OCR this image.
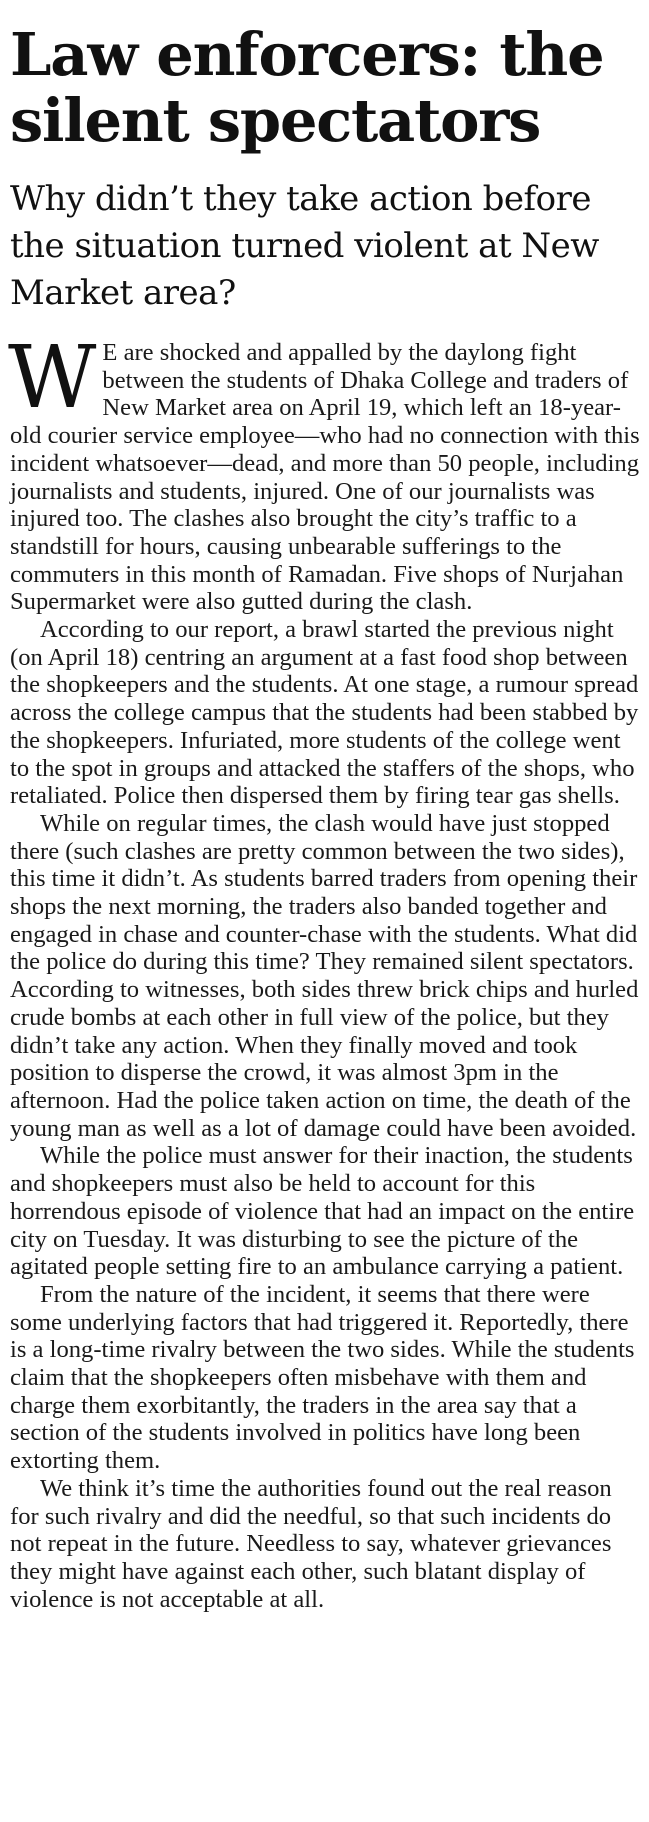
Law enforcers: the silent spectators
Why didn’t they take action before the situation turned violent at New Market area?

W E are shocked and appalled by the daylong fight between the students of Dhaka College and traders of New Market area on April 19, which left an 18-year-old courier service employee—who had no connection with this incident whatsoever—dead, and more than 50 people, including journalists and students, injured. One of our journalists was injured too. The clashes also brought the city’s traffic to a standstill for hours, causing unbearable sufferings to the commuters in this month of Ramadan. Five shops of Nurjahan Supermarket were also gutted during the clash.

According to our report, a brawl started the previous night (on April 18) centring an argument at a fast food shop between the shopkeepers and the students. At one stage, a rumour spread across the college campus that the students had been stabbed by the shopkeepers. Infuriated, more students of the college went to the spot in groups and attacked the staffers of the shops, who retaliated. Police then dispersed them by firing tear gas shells.

While on regular times, the clash would have just stopped there (such clashes are pretty common between the two sides), this time it didn’t. As students barred traders from opening their shops the next morning, the traders also banded together and engaged in chase and counter-chase with the students. What did the police do during this time? They remained silent spectators. According to witnesses, both sides threw brick chips and hurled crude bombs at each other in full view of the police, but they didn’t take any action. When they finally moved and took position to disperse the crowd, it was almost 3pm in the afternoon. Had the police taken action on time, the death of the young man as well as a lot of damage could have been avoided.

While the police must answer for their inaction, the students and shopkeepers must also be held to account for this horrendous episode of violence that had an impact on the entire city on Tuesday. It was disturbing to see the picture of the agitated people setting fire to an ambulance carrying a patient.

From the nature of the incident, it seems that there were some underlying factors that had triggered it. Reportedly, there is a long-time rivalry between the two sides. While the students claim that the shopkeepers often misbehave with them and charge them exorbitantly, the traders in the area say that a section of the students involved in politics have long been extorting them.

We think it’s time the authorities found out the real reason for such rivalry and did the needful, so that such incidents do not repeat in the future. Needless to say, whatever grievances they might have against each other, such blatant display of violence is not acceptable at all.
